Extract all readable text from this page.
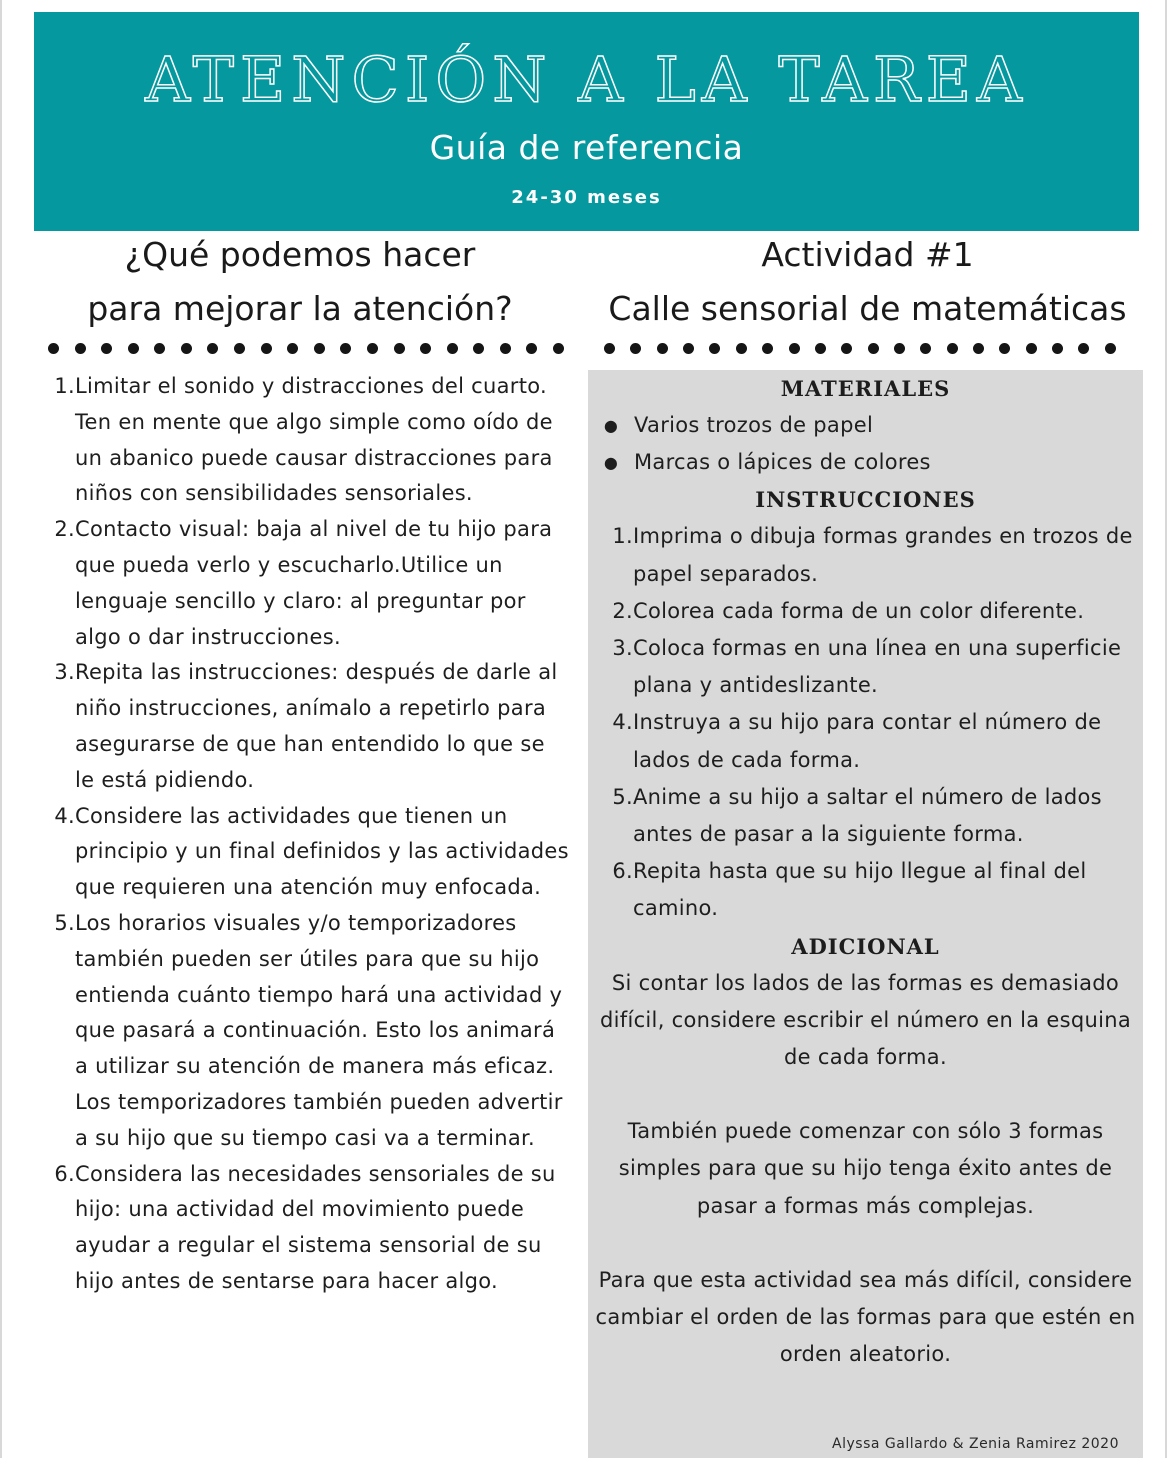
ATENCIÓN A LA TAREA
Guía de referencia
24-30 meses
¿Qué podemos hacer
para mejorar la atención?
Actividad #1
Calle sensorial de matemáticas
1. Limitar el sonido y distracciones del cuarto. Ten en mente que algo simple como oído de un abanico puede causar distracciones para niños con sensibilidades sensoriales.
2. Contacto visual: baja al nivel de tu hijo para que pueda verlo y escucharlo.Utilice un lenguaje sencillo y claro: al preguntar por algo o dar instrucciones.
3. Repita las instrucciones: después de darle al niño instrucciones, anímalo a repetirlo para asegurarse de que han entendido lo que se le está pidiendo.
4. Considere las actividades que tienen un principio y un final definidos y las actividades que requieren una atención muy enfocada.
5. Los horarios visuales y/o temporizadores también pueden ser útiles para que su hijo entienda cuánto tiempo hará una actividad y que pasará a continuación. Esto los animará a utilizar su atención de manera más eficaz. Los temporizadores también pueden advertir a su hijo que su tiempo casi va a terminar.
6. Considera las necesidades sensoriales de su hijo: una actividad del movimiento puede ayudar a regular el sistema sensorial de su hijo antes de sentarse para hacer algo.
MATERIALES
● Varios trozos de papel
● Marcas o lápices de colores
INSTRUCCIONES
1. Imprima o dibuja formas grandes en trozos de papel separados.
2. Colorea cada forma de un color diferente.
3. Coloca formas en una línea en una superficie plana y antideslizante.
4. Instruya a su hijo para contar el número de lados de cada forma.
5. Anime a su hijo a saltar el número de lados antes de pasar a la siguiente forma.
6. Repita hasta que su hijo llegue al final del camino.
ADICIONAL
Si contar los lados de las formas es demasiado difícil, considere escribir el número en la esquina de cada forma.
También puede comenzar con sólo 3 formas simples para que su hijo tenga éxito antes de pasar a formas más complejas.
Para que esta actividad sea más difícil, considere cambiar el orden de las formas para que estén en orden aleatorio.
Alyssa Gallardo & Zenia Ramirez 2020
